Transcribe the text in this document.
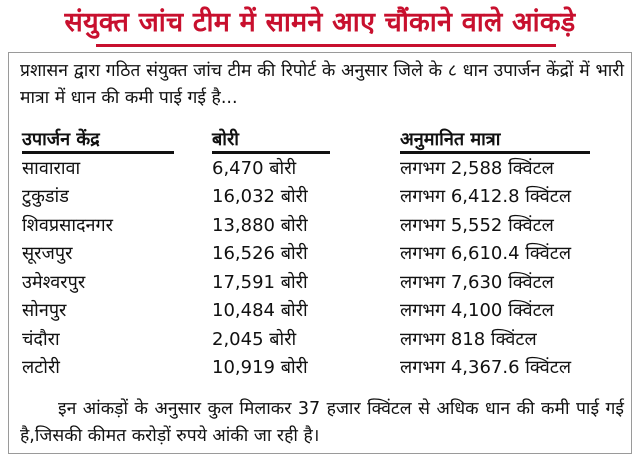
संयुक्त जांच टीम में सामने आए चौंकाने वाले आंकड़े
प्रशासन द्वारा गठित संयुक्त जांच टीम की रिपोर्ट के अनुसार जिले के ८ धान उपार्जन केंद्रों में भारी मात्रा में धान की कमी पाई गई है...
उपार्जन केंद्र	बोरी	अनुमानित मात्रा
सावारावा	6,470 बोरी	लगभग 2,588 क्विंटल
टुकुडांड	16,032 बोरी	लगभग 6,412.8 क्विंटल
शिवप्रसादनगर	13,880 बोरी	लगभग 5,552 क्विंटल
सूरजपुर	16,526 बोरी	लगभग 6,610.4 क्विंटल
उमेश्वरपुर	17,591 बोरी	लगभग 7,630 क्विंटल
सोनपुर	10,484 बोरी	लगभग 4,100 क्विंटल
चंदौरा	2,045 बोरी	लगभग 818 क्विंटल
लटोरी	10,919 बोरी	लगभग 4,367.6 क्विंटल
इन आंकड़ों के अनुसार कुल मिलाकर 37 हजार क्विंटल से अधिक धान की कमी पाई गई है,जिसकी कीमत करोड़ों रुपये आंकी जा रही है।
